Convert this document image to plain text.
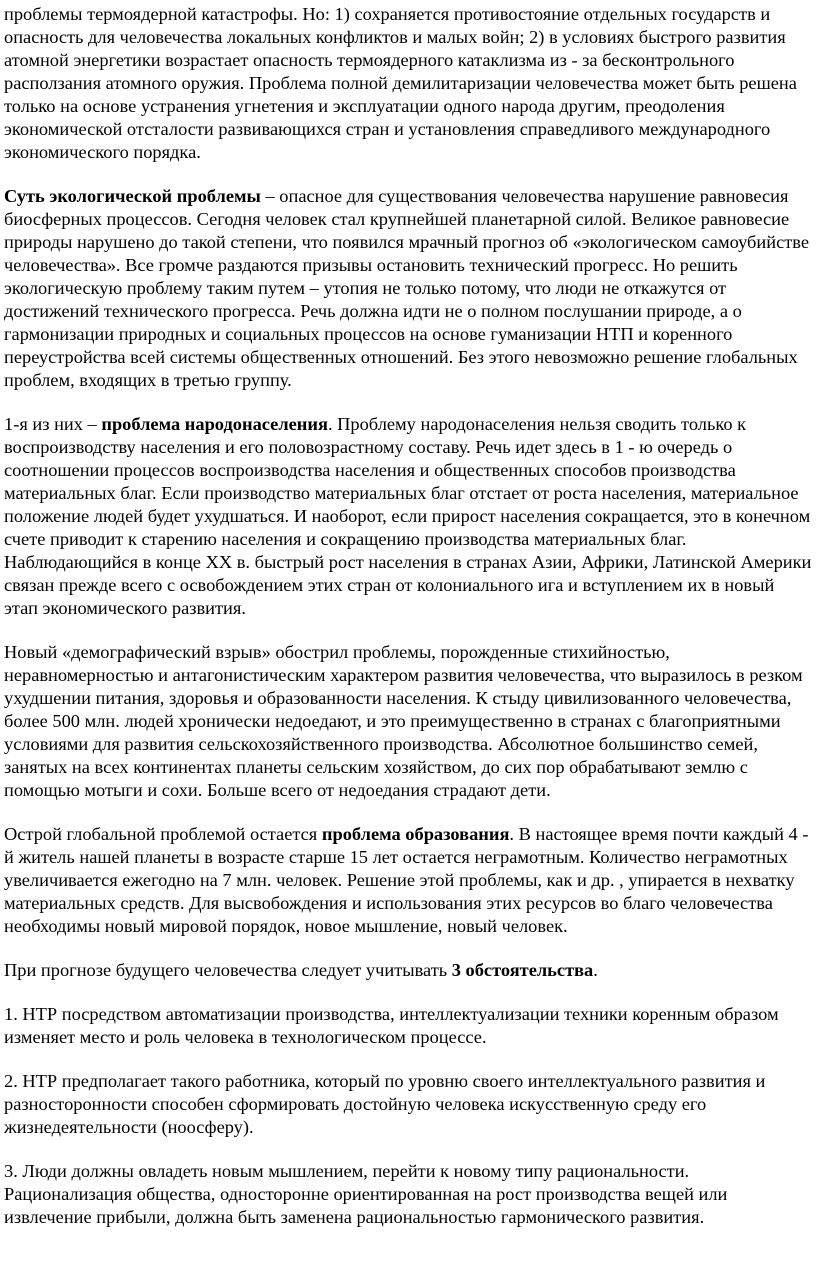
проблемы термоядерной катастрофы. Но: 1) сохраняется противостояние отдельных государств и опасность для человечества локальных конфликтов и малых войн; 2) в условиях быстрого развития атомной энергетики возрастает опасность термоядерного катаклизма из - за бесконтрольного расползания атомного оружия. Проблема полной демилитаризации человечества может быть решена только на основе устранения угнетения и эксплуатации одного народа другим, преодоления экономической отсталости развивающихся стран и установления справедливого международного экономического порядка.

Суть экологической проблемы – опасное для существования человечества нарушение равновесия биосферных процессов. Сегодня человек стал крупнейшей планетарной силой. Великое равновесие природы нарушено до такой степени, что появился мрачный прогноз об «экологическом самоубийстве человечества». Все громче раздаются призывы остановить технический прогресс. Но решить экологическую проблему таким путем – утопия не только потому, что люди не откажутся от достижений технического прогресса. Речь должна идти не о полном послушании природе, а о гармонизации природных и социальных процессов на основе гуманизации НТП и коренного переустройства всей системы общественных отношений. Без этого невозможно решение глобальных проблем, входящих в третью группу.

1-я из них – проблема народонаселения. Проблему народонаселения нельзя сводить только к воспроизводству населения и его половозрастному составу. Речь идет здесь в 1 - ю очередь о соотношении процессов воспроизводства населения и общественных способов производства материальных благ. Если производство материальных благ отстает от роста населения, материальное положение людей будет ухудшаться. И наоборот, если прирост населения сокращается, это в конечном счете приводит к старению населения и сокращению производства материальных благ. Наблюдающийся в конце XX в. быстрый рост населения в странах Азии, Африки, Латинской Америки связан прежде всего с освобождением этих стран от колониального ига и вступлением их в новый этап экономического развития.

Новый «демографический взрыв» обострил проблемы, порожденные стихийностью, неравномерностью и антагонистическим характером развития человечества, что выразилось в резком ухудшении питания, здоровья и образованности населения. К стыду цивилизованного человечества, более 500 млн. людей хронически недоедают, и это преимущественно в странах с благоприятными условиями для развития сельскохозяйственного производства. Абсолютное большинство семей, занятых на всех континентах планеты сельским хозяйством, до сих пор обрабатывают землю с помощью мотыги и сохи. Больше всего от недоедания страдают дети.

Острой глобальной проблемой остается проблема образования. В настоящее время почти каждый 4 - й житель нашей планеты в возрасте старше 15 лет остается неграмотным. Количество неграмотных увеличивается ежегодно на 7 млн. человек. Решение этой проблемы, как и др. , упирается в нехватку материальных средств. Для высвобождения и использования этих ресурсов во благо человечества необходимы новый мировой порядок, новое мышление, новый человек.

При прогнозе будущего человечества следует учитывать 3 обстоятельства.

1. НТР посредством автоматизации производства, интеллектуализации техники коренным образом изменяет место и роль человека в технологическом процессе.

2. НТР предполагает такого работника, который по уровню своего интеллектуального развития и разносторонности способен сформировать достойную человека искусственную среду его жизнедеятельности (ноосферу).

3. Люди должны овладеть новым мышлением, перейти к новому типу рациональности. Рационализация общества, односторонне ориентированная на рост производства вещей или извлечение прибыли, должна быть заменена рациональностью гармонического развития.
